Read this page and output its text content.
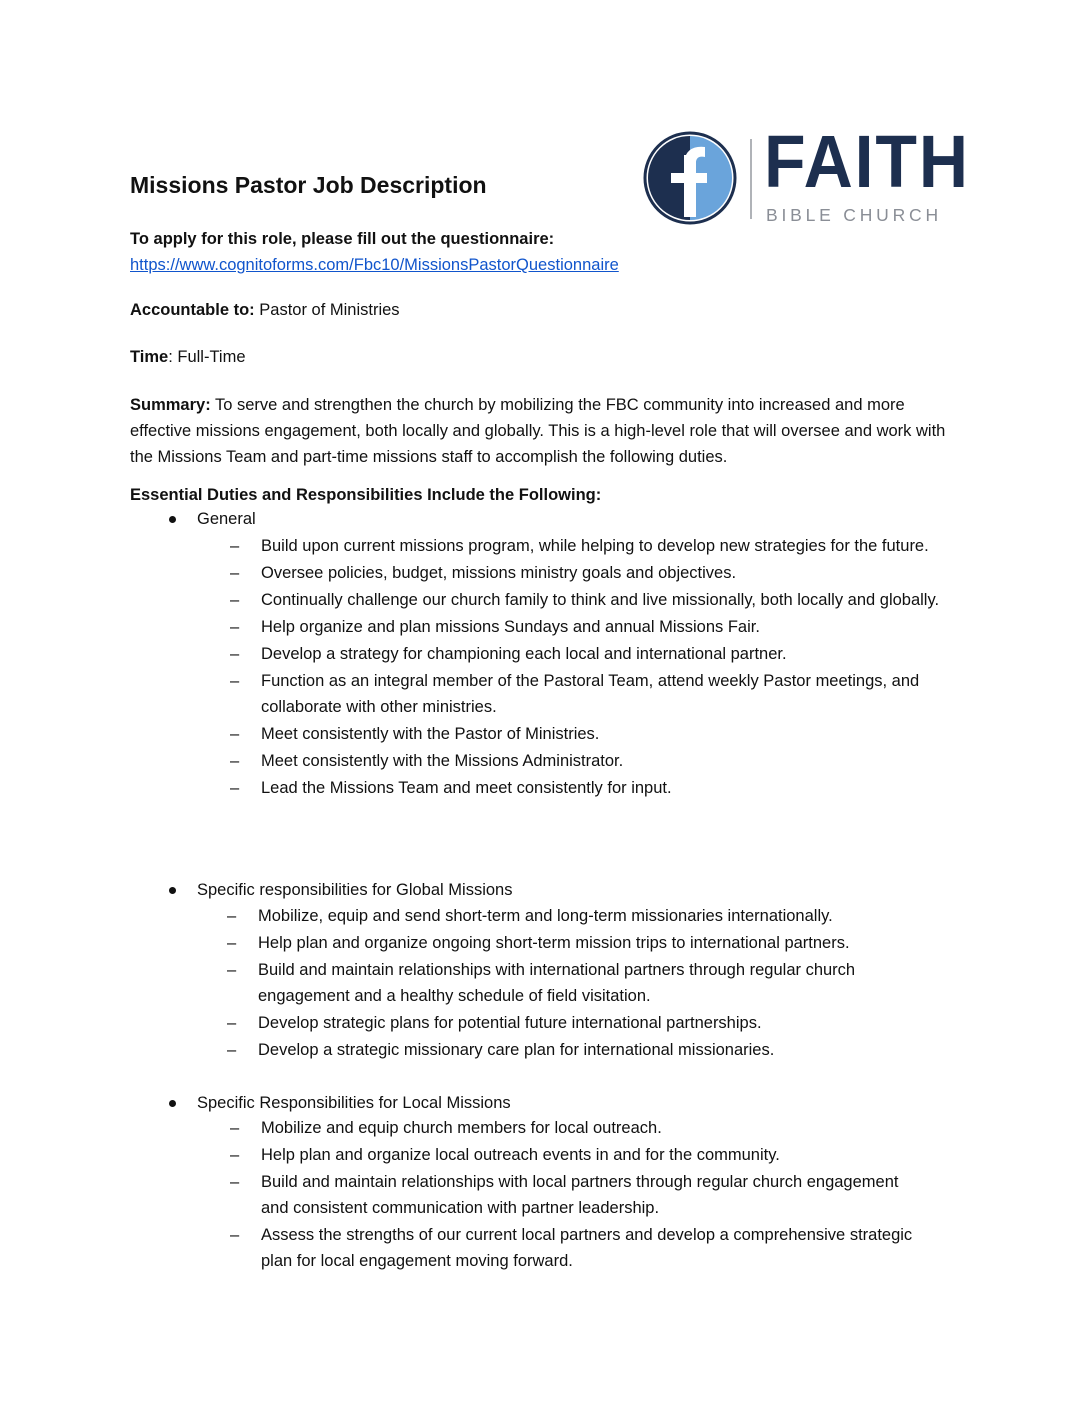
FAITH
BIBLE CHURCH
Missions Pastor Job Description
To apply for this role, please fill out the questionnaire:
https://www.cognitoforms.com/Fbc10/MissionsPastorQuestionnaire
Accountable to: Pastor of Ministries
Time: Full-Time
Summary: To serve and strengthen the church by mobilizing the FBC community into increased and more effective missions engagement, both locally and globally. This is a high-level role that will oversee and work with the Missions Team and part-time missions staff to accomplish the following duties.
Essential Duties and Responsibilities Include the Following:
General
– Build upon current missions program, while helping to develop new strategies for the future.
– Oversee policies, budget, missions ministry goals and objectives.
– Continually challenge our church family to think and live missionally, both locally and globally.
– Help organize and plan missions Sundays and annual Missions Fair.
– Develop a strategy for championing each local and international partner.
– Function as an integral member of the Pastoral Team, attend weekly Pastor meetings, and collaborate with other ministries.
– Meet consistently with the Pastor of Ministries.
– Meet consistently with the Missions Administrator.
– Lead the Missions Team and meet consistently for input.
Specific responsibilities for Global Missions
– Mobilize, equip and send short-term and long-term missionaries internationally.
– Help plan and organize ongoing short-term mission trips to international partners.
– Build and maintain relationships with international partners through regular church engagement and a healthy schedule of field visitation.
– Develop strategic plans for potential future international partnerships.
– Develop a strategic missionary care plan for international missionaries.
Specific Responsibilities for Local Missions
– Mobilize and equip church members for local outreach.
– Help plan and organize local outreach events in and for the community.
– Build and maintain relationships with local partners through regular church engagement and consistent communication with partner leadership.
– Assess the strengths of our current local partners and develop a comprehensive strategic plan for local engagement moving forward.
